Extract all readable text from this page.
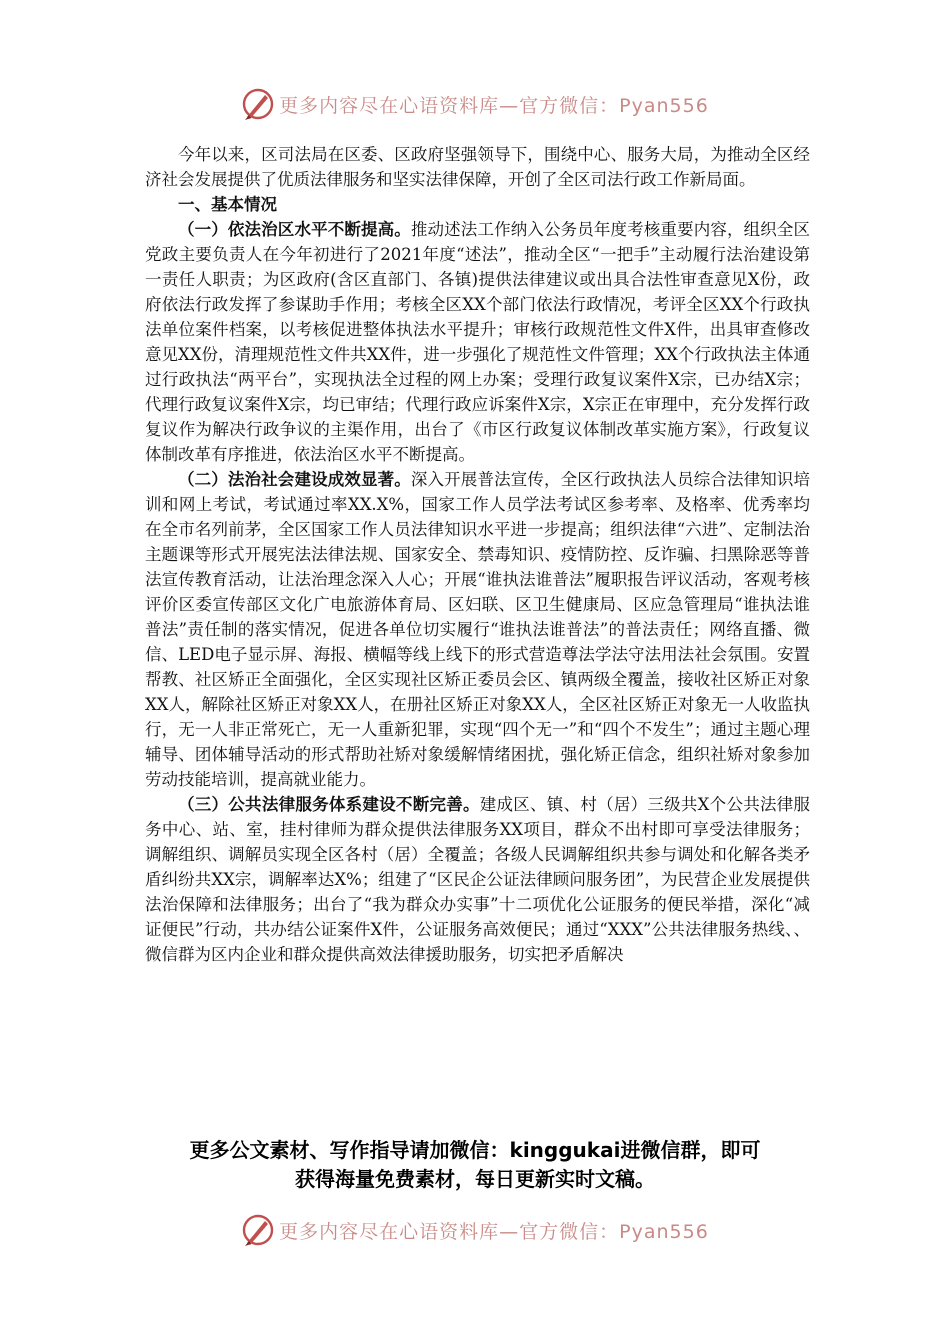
更多内容尽在心语资料库—官方微信：Pyan556

今年以来，区司法局在区委、区政府坚强领导下，围绕中心、服务大局，为推动全区经济社会发展提供了优质法律服务和坚实法律保障，开创了全区司法行政工作新局面。

一、基本情况

（一）依法治区水平不断提高。推动述法工作纳入公务员年度考核重要内容，组织全区党政主要负责人在今年初进行了2021年度“述法”，推动全区“一把手”主动履行法治建设第一责任人职责；为区政府(含区直部门、各镇)提供法律建议或出具合法性审查意见X份，政府依法行政发挥了参谋助手作用；考核全区XX个部门依法行政情况，考评全区XX个行政执法单位案件档案，以考核促进整体执法水平提升；审核行政规范性文件X件，出具审查修改意见XX份，清理规范性文件共XX件，进一步强化了规范性文件管理；XX个行政执法主体通过行政执法“两平台”，实现执法全过程的网上办案；受理行政复议案件X宗，已办结X宗；代理行政复议案件X宗，均已审结；代理行政应诉案件X宗，X宗正在审理中，充分发挥行政复议作为解决行政争议的主渠作用，出台了《市区行政复议体制改革实施方案》，行政复议体制改革有序推进，依法治区水平不断提高。

（二）法治社会建设成效显著。深入开展普法宣传，全区行政执法人员综合法律知识培训和网上考试，考试通过率XX.X%，国家工作人员学法考试区参考率、及格率、优秀率均在全市名列前茅，全区国家工作人员法律知识水平进一步提高；组织法律“六进”、定制法治主题课等形式开展宪法法律法规、国家安全、禁毒知识、疫情防控、反诈骗、扫黑除恶等普法宣传教育活动，让法治理念深入人心；开展“谁执法谁普法”履职报告评议活动，客观考核评价区委宣传部区文化广电旅游体育局、区妇联、区卫生健康局、区应急管理局“谁执法谁普法”责任制的落实情况，促进各单位切实履行“谁执法谁普法”的普法责任；网络直播、微信、LED电子显示屏、海报、横幅等线上线下的形式营造尊法学法守法用法社会氛围。安置帮教、社区矫正全面强化，全区实现社区矫正委员会区、镇两级全覆盖，接收社区矫正对象XX人，解除社区矫正对象XX人，在册社区矫正对象XX人，全区社区矫正对象无一人收监执行，无一人非正常死亡，无一人重新犯罪，实现“四个无一”和“四个不发生”；通过主题心理辅导、团体辅导活动的形式帮助社矫对象缓解情绪困扰，强化矫正信念，组织社矫对象参加劳动技能培训，提高就业能力。

（三）公共法律服务体系建设不断完善。建成区、镇、村（居）三级共X个公共法律服务中心、站、室，挂村律师为群众提供法律服务XX项目，群众不出村即可享受法律服务；调解组织、调解员实现全区各村（居）全覆盖；各级人民调解组织共参与调处和化解各类矛盾纠纷共XX宗，调解率达X%；组建了“区民企公证法律顾问服务团”，为民营企业发展提供法治保障和法律服务；出台了“我为群众办实事”十二项优化公证服务的便民举措，深化“减证便民”行动，共办结公证案件X件，公证服务高效便民；通过“XXX”公共法律服务热线、、微信群为区内企业和群众提供高效法律援助服务，切实把矛盾解决

更多公文素材、写作指导请加微信：kinggukai进微信群，即可
获得海量免费素材，每日更新实时文稿。
更多内容尽在心语资料库—官方微信：Pyan556
